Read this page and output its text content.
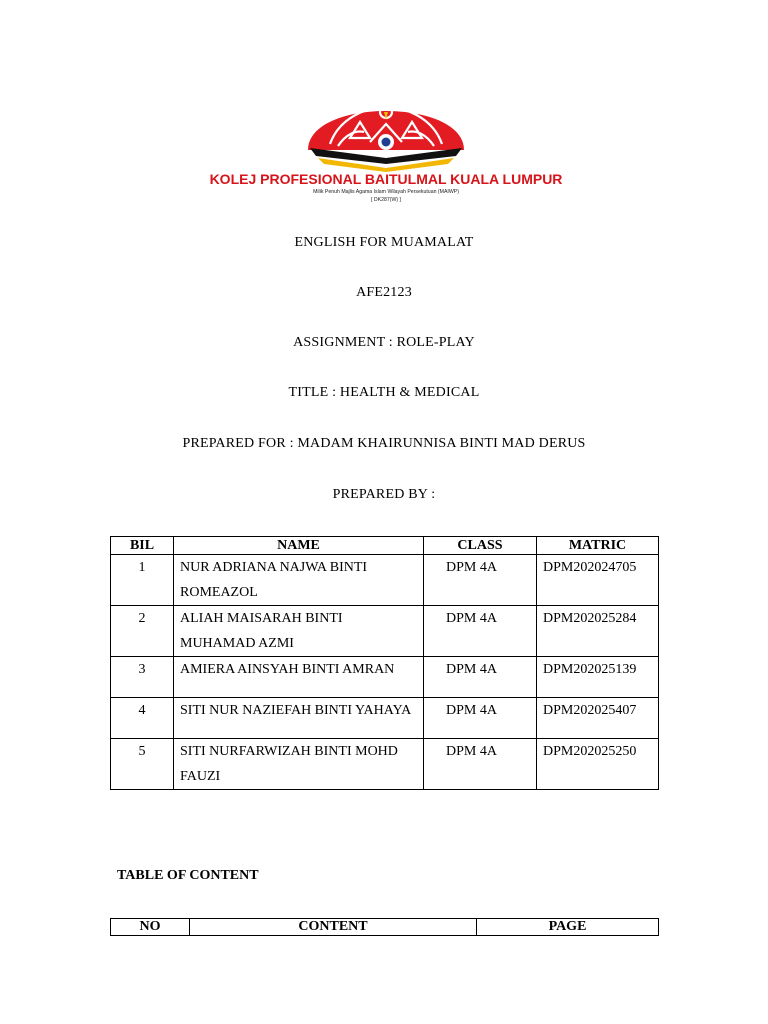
KOLEJ PROFESIONAL BAITULMAL KUALA LUMPUR
Milik Penuh Majlis Agama Islam Wilayah Persekutuan (MAIWP)
[ DK287(W) ]
ENGLISH FOR MUAMALAT
AFE2123
ASSIGNMENT : ROLE-PLAY
TITLE : HEALTH & MEDICAL
PREPARED FOR : MADAM KHAIRUNNISA BINTI MAD DERUS
PREPARED BY :
BIL	NAME	CLASS	MATRIC
1	NUR ADRIANA NAJWA BINTI ROMEAZOL	DPM 4A	DPM202024705
2	ALIAH MAISARAH BINTI MUHAMAD AZMI	DPM 4A	DPM202025284
3	AMIERA AINSYAH BINTI AMRAN	DPM 4A	DPM202025139
4	SITI NUR NAZIEFAH BINTI YAHAYA	DPM 4A	DPM202025407
5	SITI NURFARWIZAH BINTI MOHD FAUZI	DPM 4A	DPM202025250
TABLE OF CONTENT
NO	CONTENT	PAGE
